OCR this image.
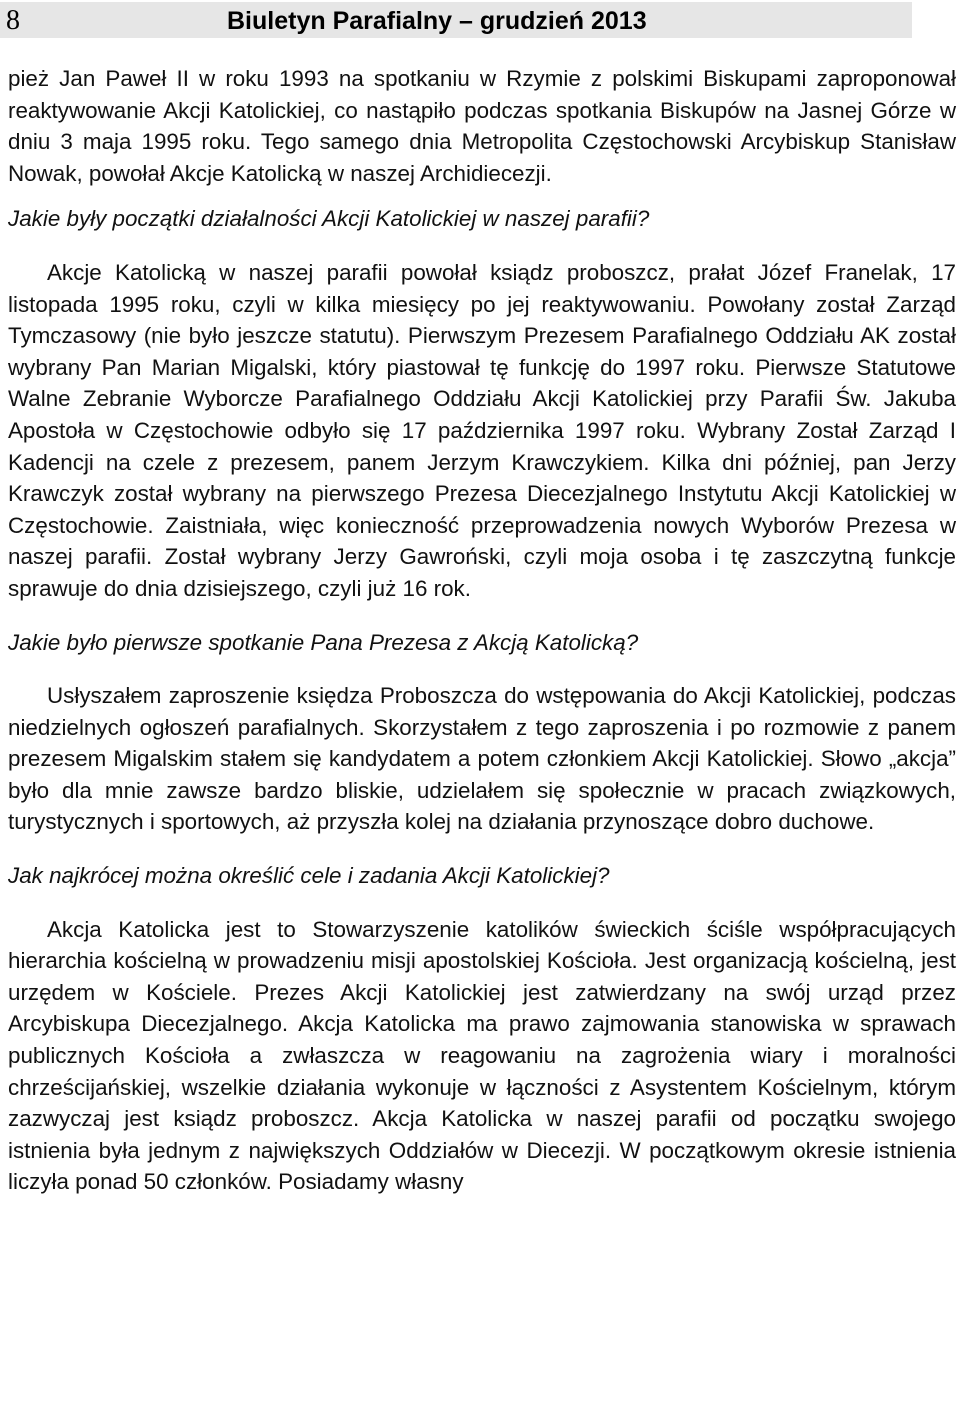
8	Biuletyn Parafialny – grudzień 2013

pież Jan Paweł II w roku 1993 na spotkaniu w Rzymie z polskimi Biskupami zaproponował reaktywowanie Akcji Katolickiej, co nastąpiło podczas spotkania Biskupów na Jasnej Górze w dniu 3 maja 1995 roku. Tego samego dnia Metropolita Częstochowski Arcybiskup Stanisław Nowak, powołał Akcje Katolicką w naszej Archidiecezji.

Jakie były początki działalności Akcji Katolickiej w naszej parafii?

Akcje Katolicką w naszej parafii powołał ksiądz proboszcz, prałat Józef Franelak, 17 listopada 1995 roku, czyli w kilka miesięcy po jej reaktywowaniu. Powołany został Zarząd Tymczasowy (nie było jeszcze statutu). Pierwszym Prezesem Parafialnego Oddziału AK został wybrany Pan Marian Migalski, który piastował tę funkcję do 1997 roku. Pierwsze Statutowe Walne Zebranie Wyborcze Parafialnego Oddziału Akcji Katolickiej przy Parafii Św. Jakuba Apostoła w Częstochowie odbyło się 17 października 1997 roku. Wybrany Został Zarząd I Kadencji na czele z prezesem, panem Jerzym Krawczykiem. Kilka dni później, pan Jerzy Krawczyk został wybrany na pierwszego Prezesa Diecezjalnego Instytutu Akcji Katolickiej w Częstochowie. Zaistniała, więc konieczność przeprowadzenia nowych Wyborów Prezesa w naszej parafii. Został wybrany Jerzy Gawroński, czyli moja osoba i tę zaszczytną funkcje sprawuje do dnia dzisiejszego, czyli już 16 rok.

Jakie było pierwsze spotkanie Pana Prezesa z Akcją Katolicką?

Usłyszałem zaproszenie księdza Proboszcza do wstępowania do Akcji Katolickiej, podczas niedzielnych ogłoszeń parafialnych. Skorzystałem z tego zaproszenia i po rozmowie z panem prezesem Migalskim stałem się kandydatem a potem członkiem Akcji Katolickiej. Słowo „akcja” było dla mnie zawsze bardzo bliskie, udzielałem się społecznie w pracach związkowych, turystycznych i sportowych, aż przyszła kolej na działania przynoszące dobro duchowe.

Jak najkrócej można określić cele i zadania Akcji Katolickiej?

Akcja Katolicka jest to Stowarzyszenie katolików świeckich ściśle współpracujących hierarchia kościelną w prowadzeniu misji apostolskiej Kościoła. Jest organizacją kościelną, jest urzędem w Kościele. Prezes Akcji Katolickiej jest zatwierdzany na swój urząd przez Arcybiskupa Diecezjalnego. Akcja Katolicka ma prawo zajmowania stanowiska w sprawach publicznych Kościoła a zwłaszcza w reagowaniu na zagrożenia wiary i moralności chrześcijańskiej, wszelkie działania wykonuje w łączności z Asystentem Kościelnym, którym zazwyczaj jest ksiądz proboszcz. Akcja Katolicka w naszej parafii od początku swojego istnienia była jednym z największych Oddziałów w Diecezji. W początkowym okresie istnienia liczyła ponad 50 członków. Posiadamy własny
